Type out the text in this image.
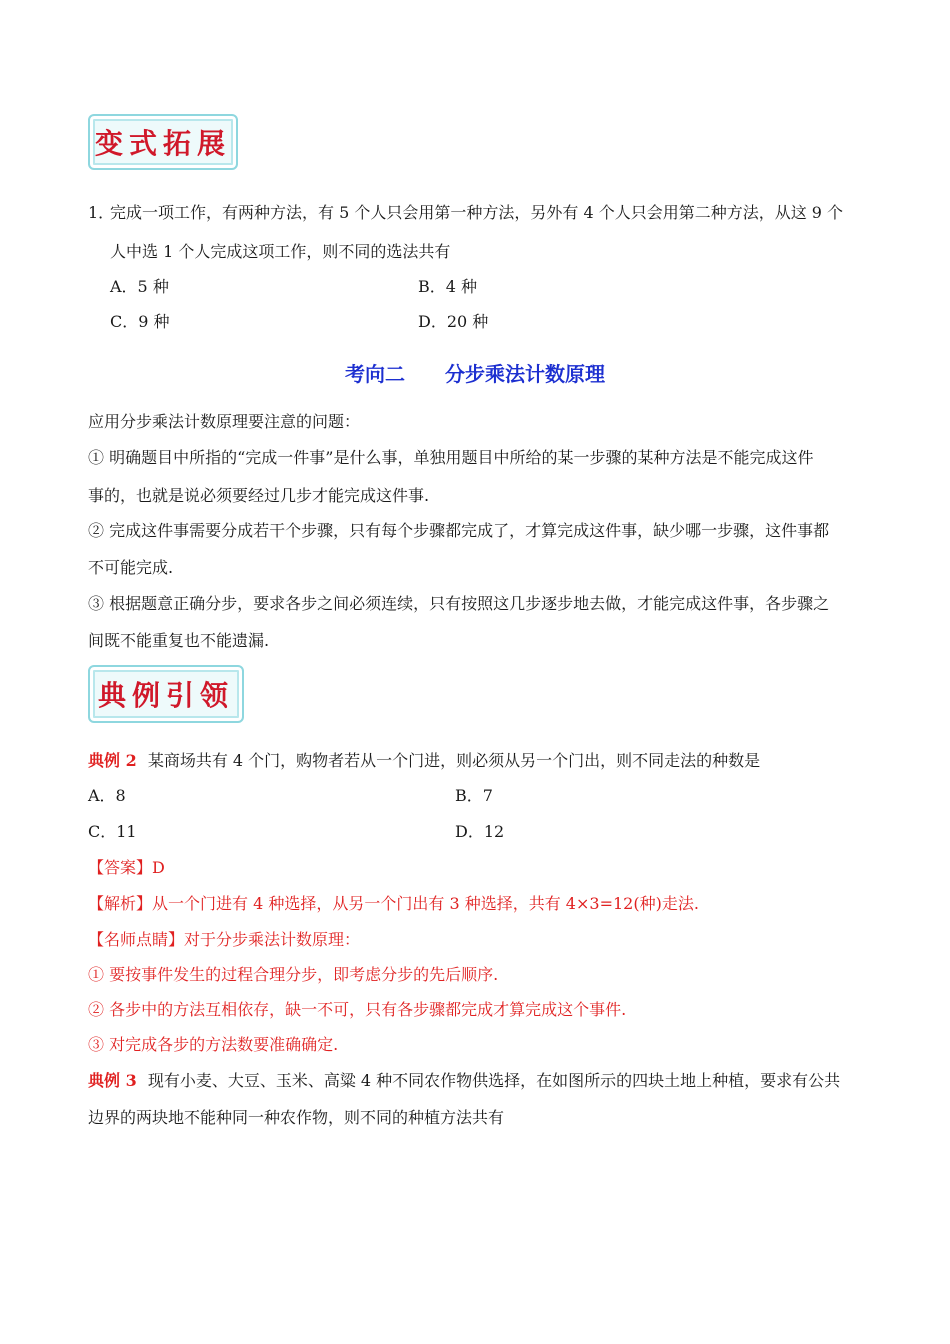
变式拓展
1．
完成一项工作，有两种方法，有 5 个人只会用第一种方法，另外有 4 个人只会用第二种方法，从这 9 个
人中选 1 个人完成这项工作，则不同的选法共有
A．5 种	B．4 种
C．9 种	D．20 种
考向二　　分步乘法计数原理
应用分步乘法计数原理要注意的问题：
① 明确题目中所指的“完成一件事”是什么事，单独用题目中所给的某一步骤的某种方法是不能完成这件
事的，也就是说必须要经过几步才能完成这件事.
② 完成这件事需要分成若干个步骤，只有每个步骤都完成了，才算完成这件事，缺少哪一步骤，这件事都
不可能完成.
③ 根据题意正确分步，要求各步之间必须连续，只有按照这几步逐步地去做，才能完成这件事，各步骤之
间既不能重复也不能遗漏.
典例引领
典例 2 某商场共有 4 个门，购物者若从一个门进，则必须从另一个门出，则不同走法的种数是
A．8	B．7
C．11	D．12
【答案】D
【解析】从一个门进有 4 种选择，从另一个门出有 3 种选择，共有 4×3=12(种)走法.
【名师点睛】对于分步乘法计数原理：
① 要按事件发生的过程合理分步，即考虑分步的先后顺序.
② 各步中的方法互相依存，缺一不可，只有各步骤都完成才算完成这个事件.
③ 对完成各步的方法数要准确确定.
典例 3 现有小麦、大豆、玉米、高粱 4 种不同农作物供选择，在如图所示的四块土地上种植，要求有公共
边界的两块地不能种同一种农作物，则不同的种植方法共有
